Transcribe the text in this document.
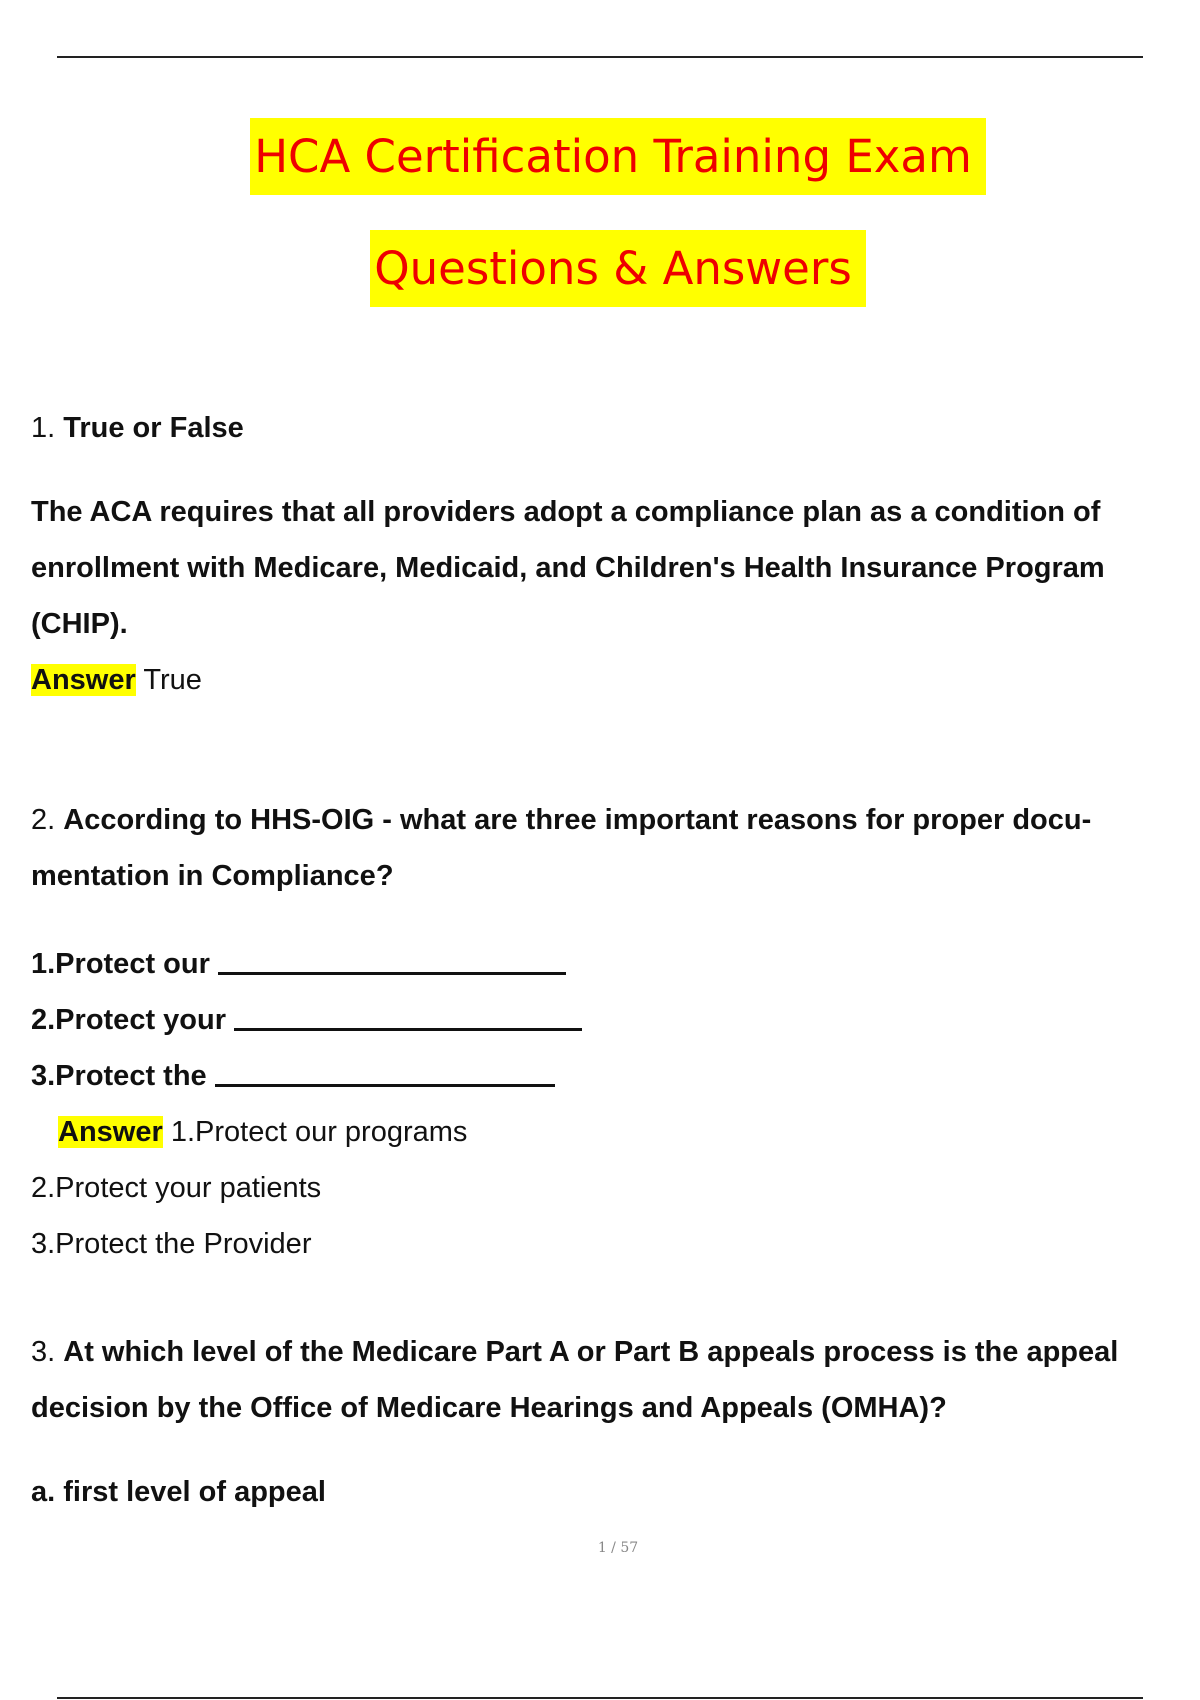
HCA Certification Training Exam
Questions & Answers
1. True or False
The ACA requires that all providers adopt a compliance plan as a condition of
enrollment with Medicare, Medicaid, and Children's Health Insurance Program
(CHIP).
Answer True
2. According to HHS-OIG - what are three important reasons for proper docu-
mentation in Compliance?
1.Protect our
2.Protect your
3.Protect the
Answer 1.Protect our programs
2.Protect your patients
3.Protect the Provider
3. At which level of the Medicare Part A or Part B appeals process is the appeal
decision by the Office of Medicare Hearings and Appeals (OMHA)?
a. first level of appeal
1 / 57
